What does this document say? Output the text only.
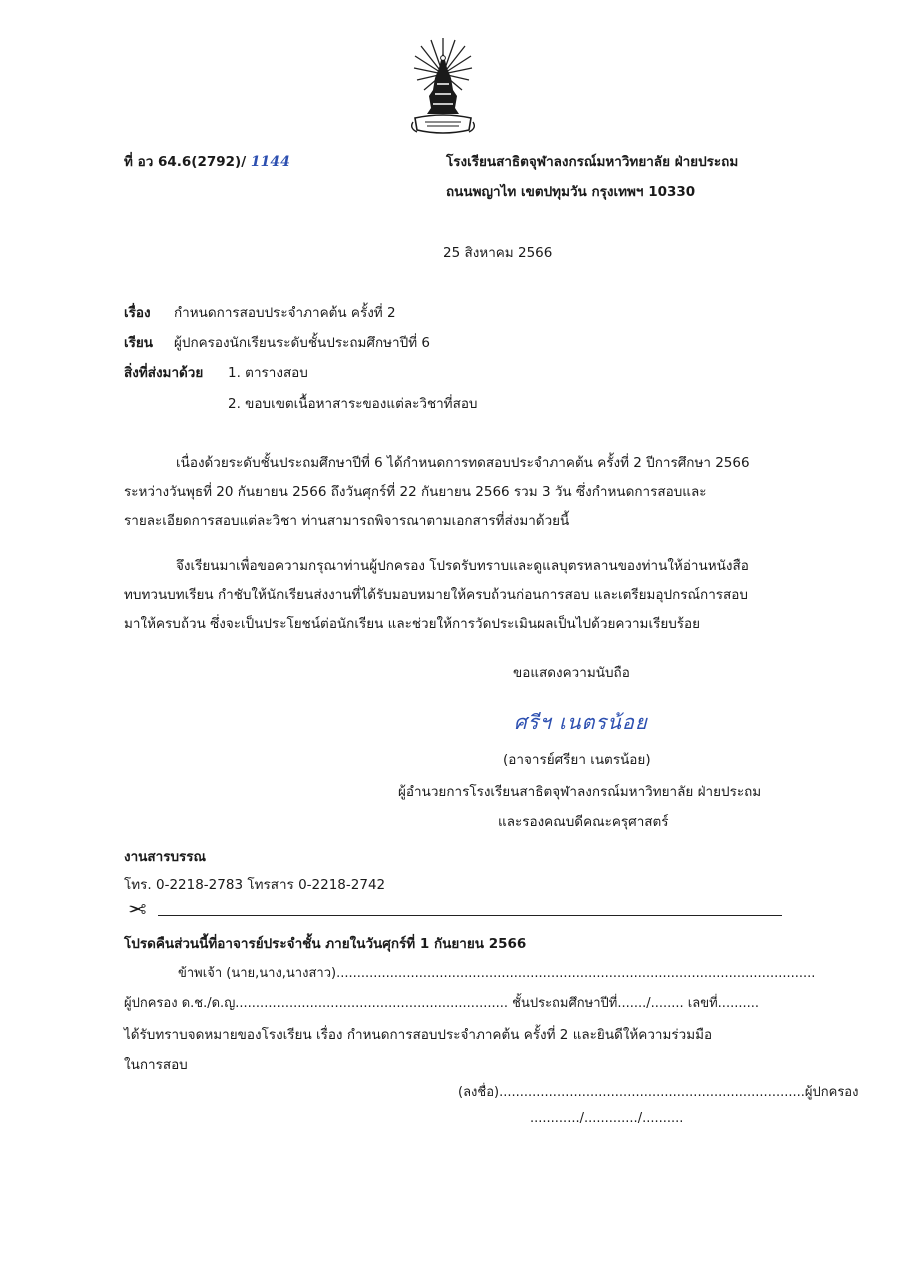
ที่ อว 64.6(2792)/ 1144	โรงเรียนสาธิตจุฬาลงกรณ์มหาวิทยาลัย ฝ่ายประถม
ถนนพญาไท เขตปทุมวัน กรุงเทพฯ 10330
25 สิงหาคม 2566
เรื่อง กำหนดการสอบประจำภาคต้น ครั้งที่ 2
เรียน ผู้ปกครองนักเรียนระดับชั้นประถมศึกษาปีที่ 6
สิ่งที่ส่งมาด้วย 1. ตารางสอบ
2. ขอบเขตเนื้อหาสาระของแต่ละวิชาที่สอบ
เนื่องด้วยระดับชั้นประถมศึกษาปีที่ 6 ได้กำหนดการทดสอบประจำภาคต้น ครั้งที่ 2 ปีการศึกษา 2566
ระหว่างวันพุธที่ 20 กันยายน 2566 ถึงวันศุกร์ที่ 22 กันยายน 2566 รวม 3 วัน ซึ่งกำหนดการสอบและ
รายละเอียดการสอบแต่ละวิชา ท่านสามารถพิจารณาตามเอกสารที่ส่งมาด้วยนี้
จึงเรียนมาเพื่อขอความกรุณาท่านผู้ปกครอง โปรดรับทราบและดูแลบุตรหลานของท่านให้อ่านหนังสือ
ทบทวนบทเรียน กำชับให้นักเรียนส่งงานที่ได้รับมอบหมายให้ครบถ้วนก่อนการสอบ และเตรียมอุปกรณ์การสอบ
มาให้ครบถ้วน ซึ่งจะเป็นประโยชน์ต่อนักเรียน และช่วยให้การวัดประเมินผลเป็นไปด้วยความเรียบร้อย
ขอแสดงความนับถือ
ศรีฯ เนตรน้อย
(อาจารย์ศรียา เนตรน้อย)
ผู้อำนวยการโรงเรียนสาธิตจุฬาลงกรณ์มหาวิทยาลัย ฝ่ายประถม
และรองคณบดีคณะครุศาสตร์
งานสารบรรณ
โทร. 0-2218-2783 โทรสาร 0-2218-2742
✂
โปรดคืนส่วนนี้ที่อาจารย์ประจำชั้น ภายในวันศุกร์ที่ 1 กันยายน 2566
ข้าพเจ้า (นาย,นาง,นางสาว)....................................................................................................................
ผู้ปกครอง ด.ช./ด.ญ.................................................................. ชั้นประถมศึกษาปีที่......./........ เลขที่..........
ได้รับทราบจดหมายของโรงเรียน เรื่อง กำหนดการสอบประจำภาคต้น ครั้งที่ 2 และยินดีให้ความร่วมมือ
ในการสอบ
(ลงชื่อ)..........................................................................ผู้ปกครอง
............/............./..........
